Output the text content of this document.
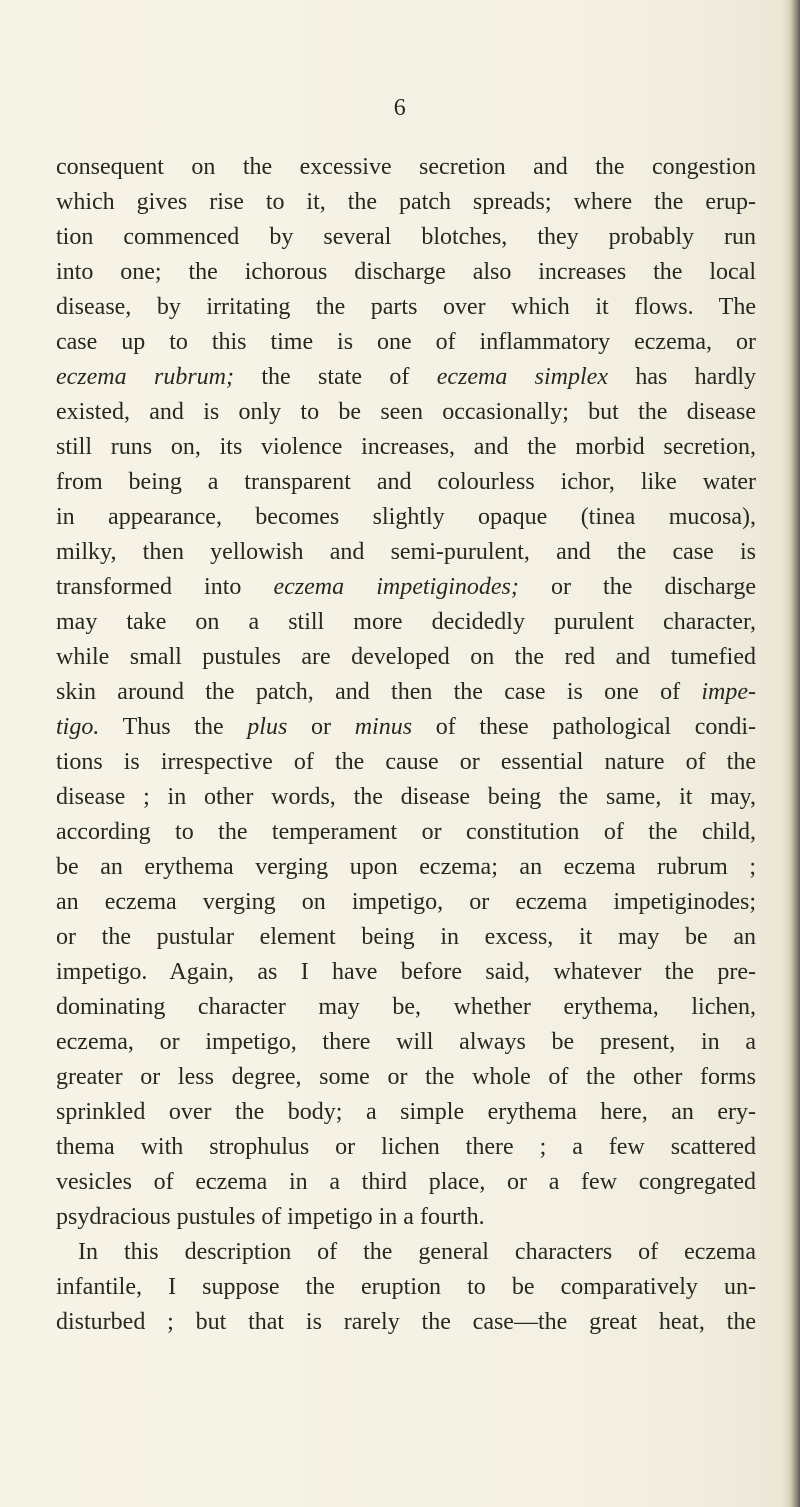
6

consequent on the excessive secretion and the congestion
which gives rise to it, the patch spreads; where the erup-
tion commenced by several blotches, they probably run
into one; the ichorous discharge also increases the local
disease, by irritating the parts over which it flows. The
case up to this time is one of inflammatory eczema, or
eczema rubrum; the state of eczema simplex has hardly
existed, and is only to be seen occasionally; but the disease
still runs on, its violence increases, and the morbid secretion,
from being a transparent and colourless ichor, like water
in appearance, becomes slightly opaque (tinea mucosa),
milky, then yellowish and semi-purulent, and the case is
transformed into eczema impetiginodes; or the discharge
may take on a still more decidedly purulent character,
while small pustules are developed on the red and tumefied
skin around the patch, and then the case is one of impe-
tigo. Thus the plus or minus of these pathological condi-
tions is irrespective of the cause or essential nature of the
disease ; in other words, the disease being the same, it may,
according to the temperament or constitution of the child,
be an erythema verging upon eczema; an eczema rubrum ;
an eczema verging on impetigo, or eczema impetiginodes;
or the pustular element being in excess, it may be an
impetigo. Again, as I have before said, whatever the pre-
dominating character may be, whether erythema, lichen,
eczema, or impetigo, there will always be present, in a
greater or less degree, some or the whole of the other forms
sprinkled over the body; a simple erythema here, an ery-
thema with strophulus or lichen there ; a few scattered
vesicles of eczema in a third place, or a few congregated
psydracious pustules of impetigo in a fourth.
In this description of the general characters of eczema
infantile, I suppose the eruption to be comparatively un-
disturbed ; but that is rarely the case—the great heat, the
